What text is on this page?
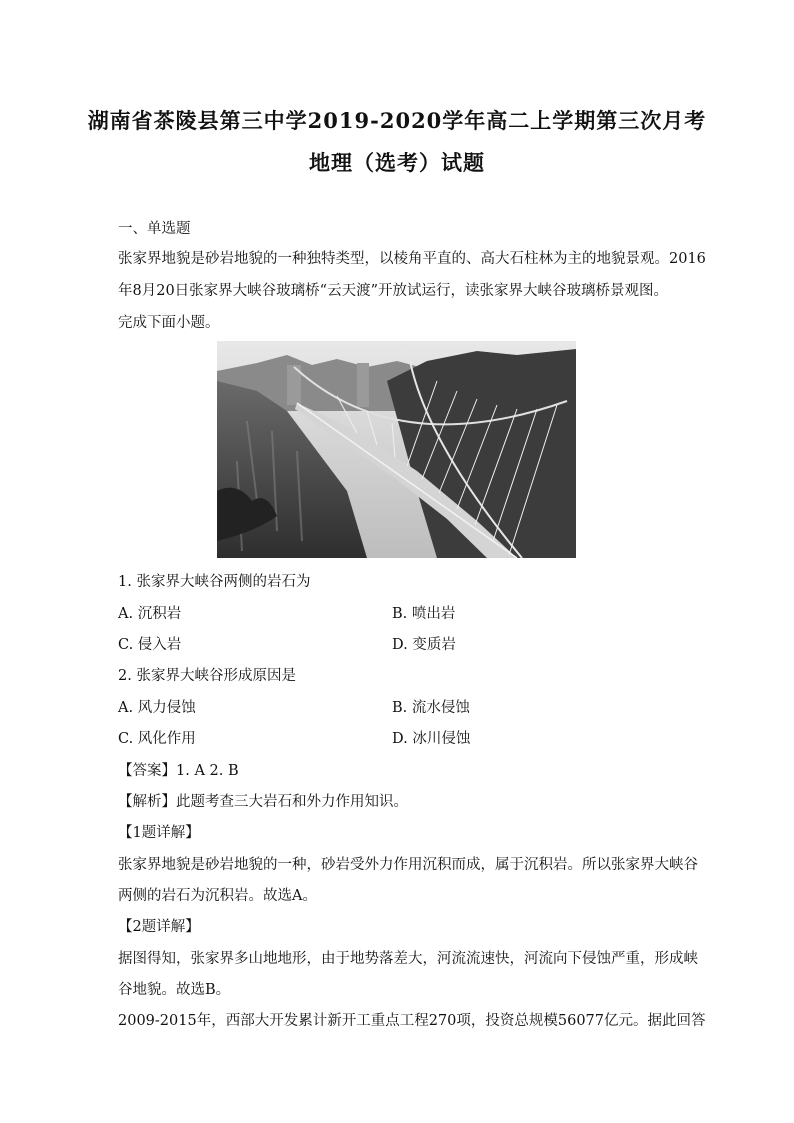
湖南省茶陵县第三中学2019-2020学年高二上学期第三次月考
地理（选考）试题
一、单选题
张家界地貌是砂岩地貌的一种独特类型，以棱角平直的、高大石柱林为主的地貌景观。2016
年8月20日张家界大峡谷玻璃桥“云天渡”开放试运行，读张家界大峡谷玻璃桥景观图。
完成下面小题。
1. 张家界大峡谷两侧的岩石为
A. 沉积岩	B. 喷出岩
C. 侵入岩	D. 变质岩
2. 张家界大峡谷形成原因是
A. 风力侵蚀	B. 流水侵蚀
C. 风化作用	D. 冰川侵蚀
【答案】1. A 2. B
【解析】此题考查三大岩石和外力作用知识。
【1题详解】
张家界地貌是砂岩地貌的一种，砂岩受外力作用沉积而成，属于沉积岩。所以张家界大峡谷
两侧的岩石为沉积岩。故选A。
【2题详解】
据图得知，张家界多山地地形，由于地势落差大，河流流速快，河流向下侵蚀严重，形成峡
谷地貌。故选B。
2009-2015年，西部大开发累计新开工重点工程270项，投资总规模56077亿元。据此回答
